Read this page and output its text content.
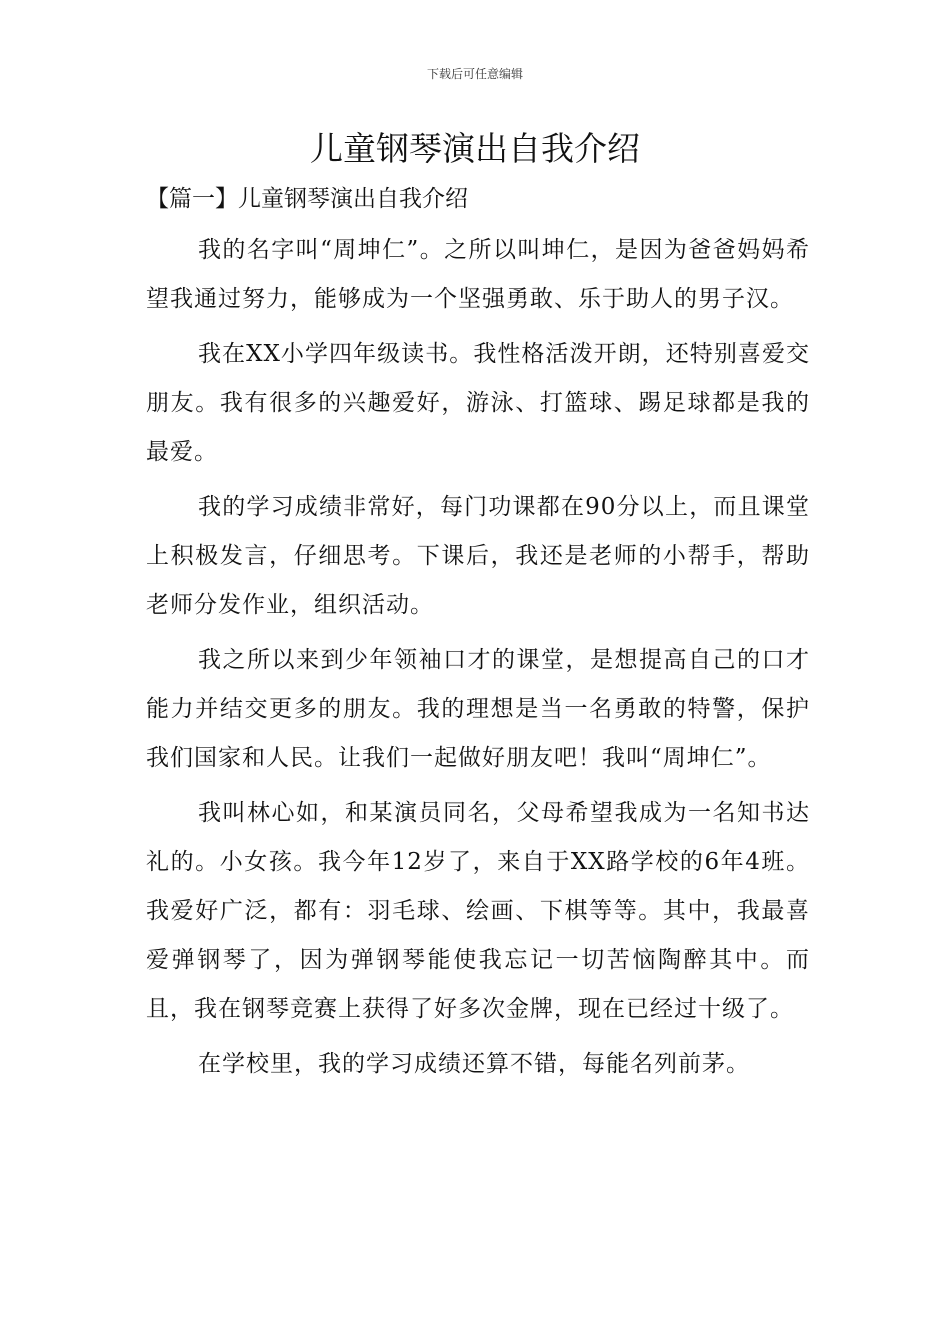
下载后可任意编辑
儿童钢琴演出自我介绍
【篇一】儿童钢琴演出自我介绍

我的名字叫“周坤仁”。之所以叫坤仁，是因为爸爸妈妈希望我通过努力，能够成为一个坚强勇敢、乐于助人的男子汉。

我在XX小学四年级读书。我性格活泼开朗，还特别喜爱交朋友。我有很多的兴趣爱好，游泳、打篮球、踢足球都是我的最爱。

我的学习成绩非常好，每门功课都在90分以上，而且课堂上积极发言，仔细思考。下课后，我还是老师的小帮手，帮助老师分发作业，组织活动。

我之所以来到少年领袖口才的课堂，是想提高自己的口才能力并结交更多的朋友。我的理想是当一名勇敢的特警，保护我们国家和人民。让我们一起做好朋友吧！我叫“周坤仁”。

我叫林心如，和某演员同名，父母希望我成为一名知书达礼的。小女孩。我今年12岁了，来自于XX路学校的6年4班。我爱好广泛，都有：羽毛球、绘画、下棋等等。其中，我最喜爱弹钢琴了，因为弹钢琴能使我忘记一切苦恼陶醉其中。而且，我在钢琴竞赛上获得了好多次金牌，现在已经过十级了。

在学校里，我的学习成绩还算不错，每能名列前茅。
